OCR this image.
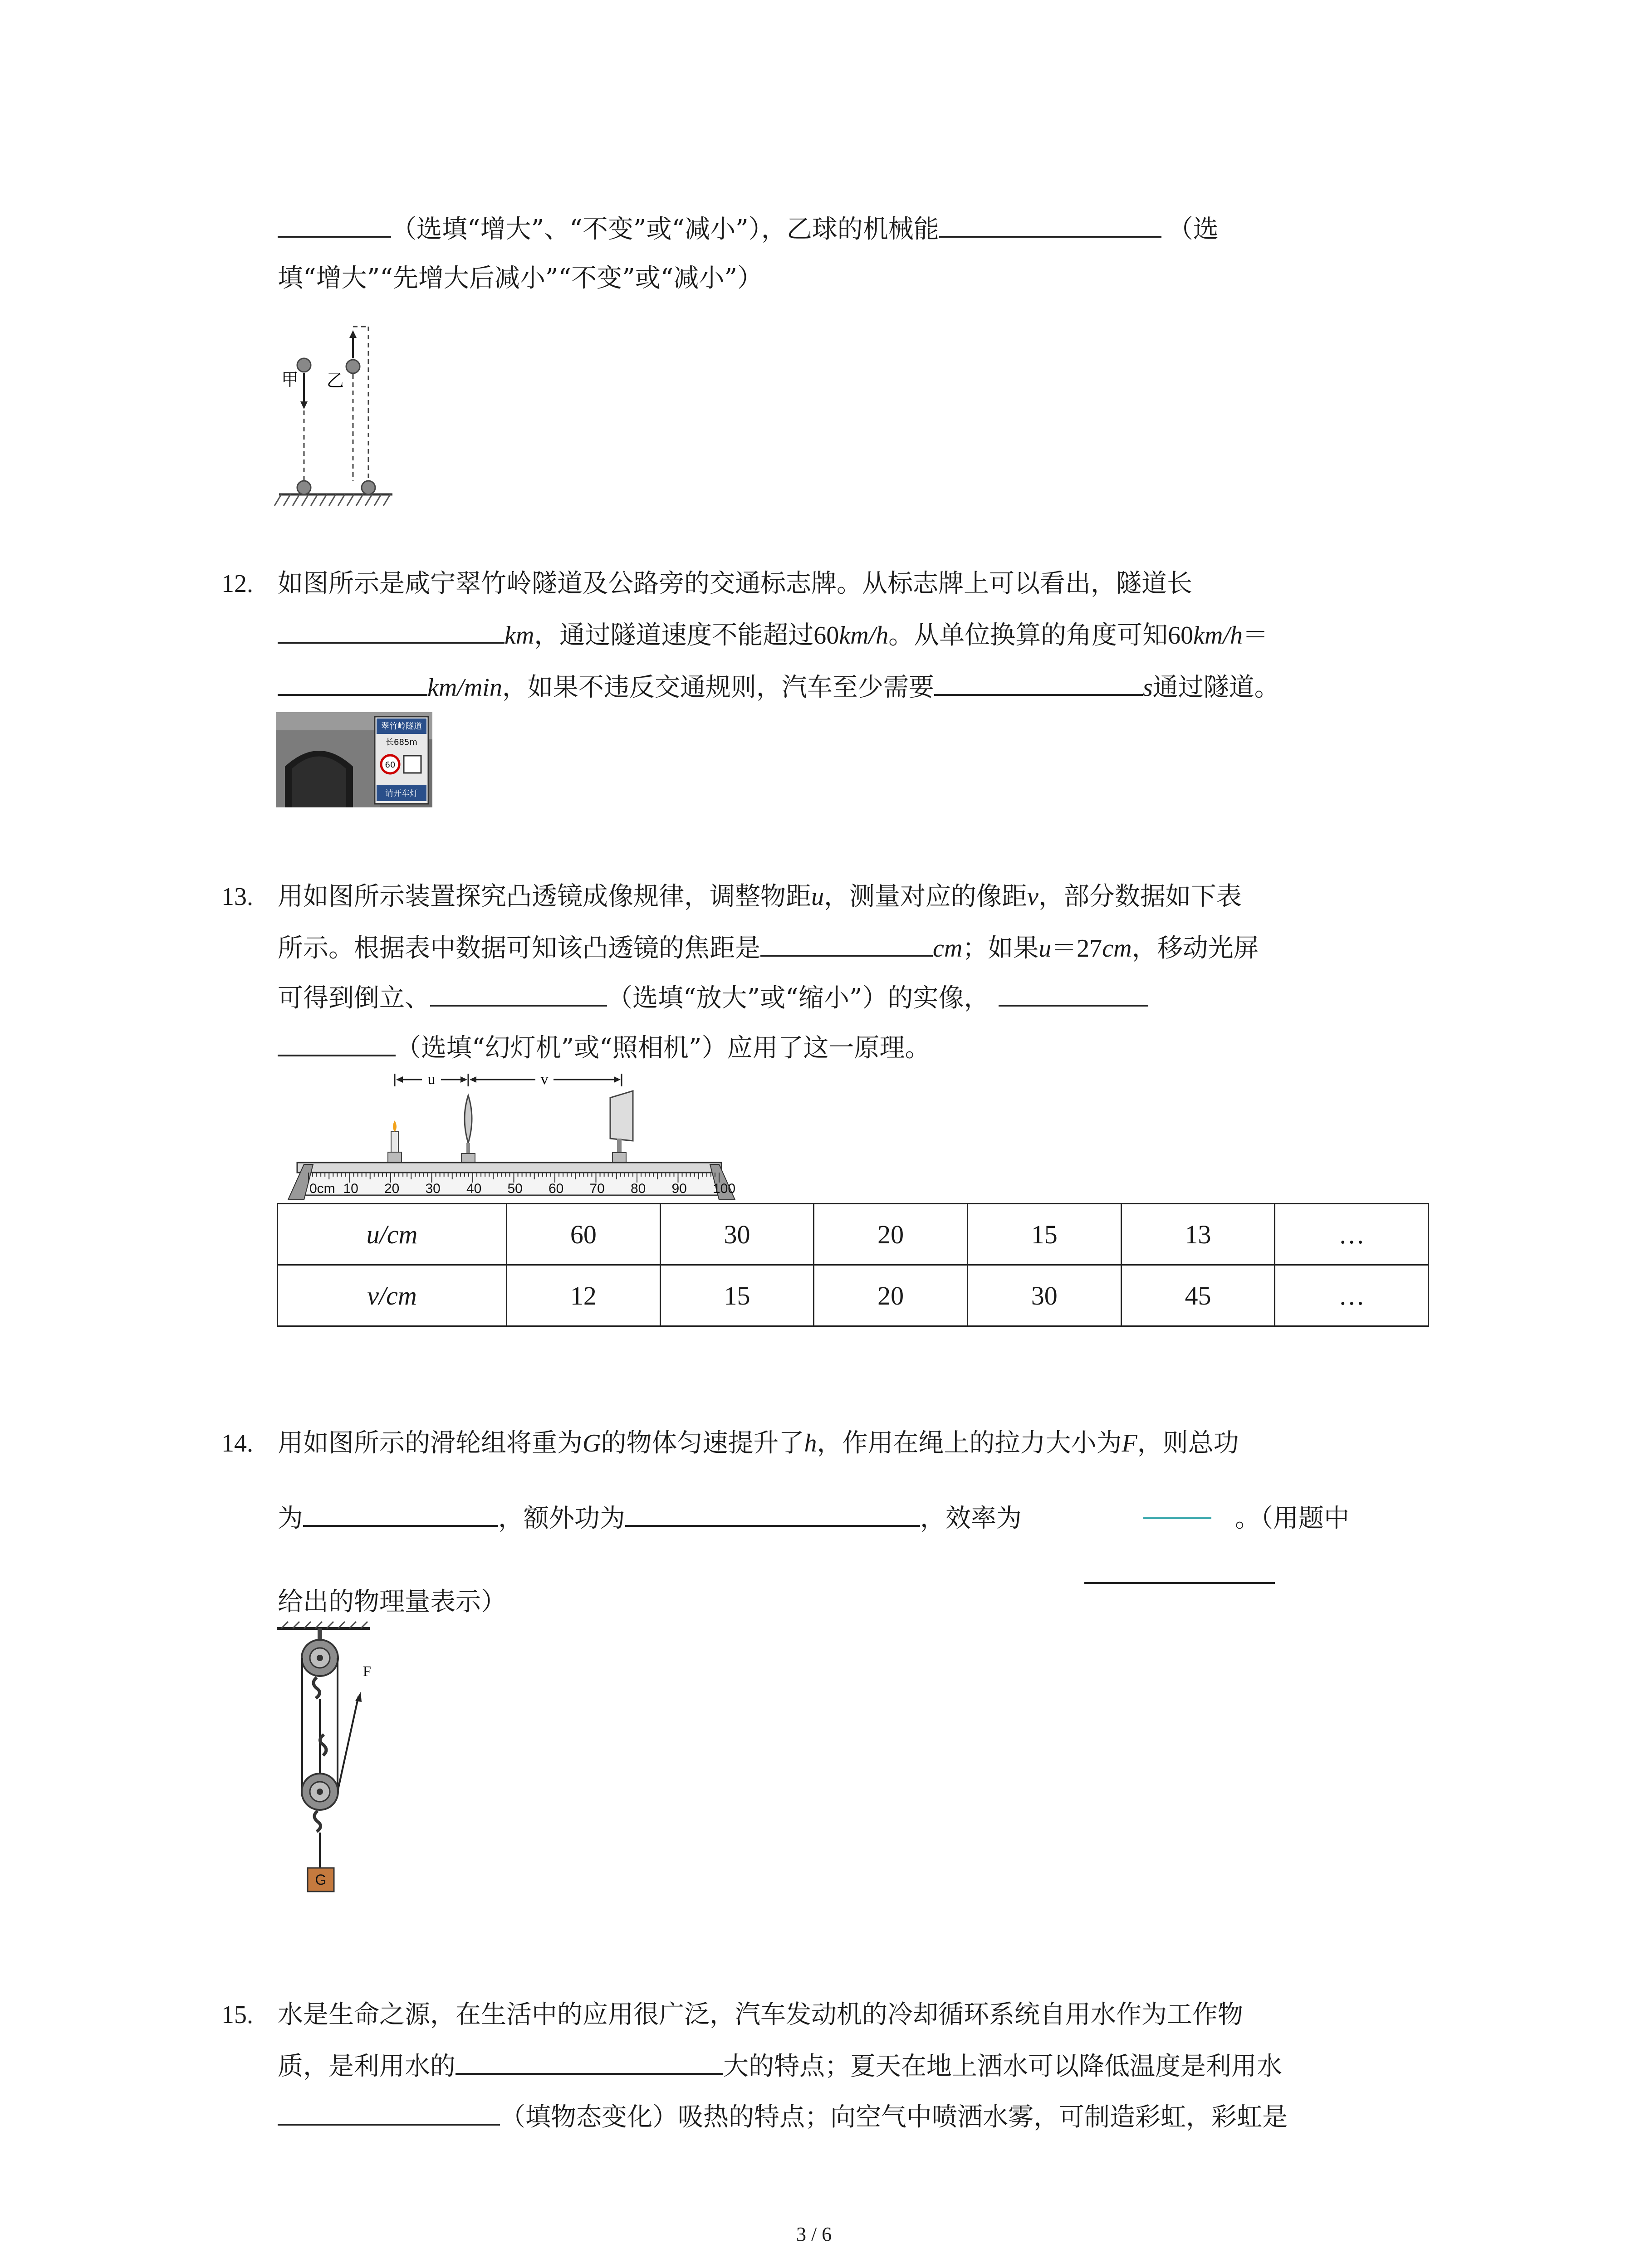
（选填“增大”、“不变”或“减小”），乙球的机械能	（选
填“增大”“先增大后减小”“不变”或“减小”）
甲 乙
12. 如图所示是咸宁翠竹岭隧道及公路旁的交通标志牌。从标志牌上可以看出，隧道长
km，通过隧道速度不能超过60km/h。从单位换算的角度可知60km/h＝
km/min，如果不违反交通规则，汽车至少需要	s通过隧道。
翠竹岭隧道
长685m
60
请开车灯
13. 用如图所示装置探究凸透镜成像规律，调整物距u，测量对应的像距v，部分数据如下表
所示。根据表中数据可知该凸透镜的焦距是	cm；如果u＝27cm，移动光屏
可得到倒立、	（选填“放大”或“缩小”）的实像，
（选填“幻灯机”或“照相机”）应用了这一原理。
u	v
0cm 10 20 30 40 50 60 70 80 90 100
u/cm	60	30	20	15	13	…
v/cm	12	15	20	30	45	…
14. 用如图所示的滑轮组将重为G的物体匀速提升了h，作用在绳上的拉力大小为F，则总功
为	，额外功为	，效率为	。（用题中
给出的物理量表示）
F
G
15. 水是生命之源，在生活中的应用很广泛，汽车发动机的冷却循环系统自用水作为工作物
质，是利用水的	大的特点；夏天在地上洒水可以降低温度是利用水
（填物态变化）吸热的特点；向空气中喷洒水雾，可制造彩虹，彩虹是
3 / 6
